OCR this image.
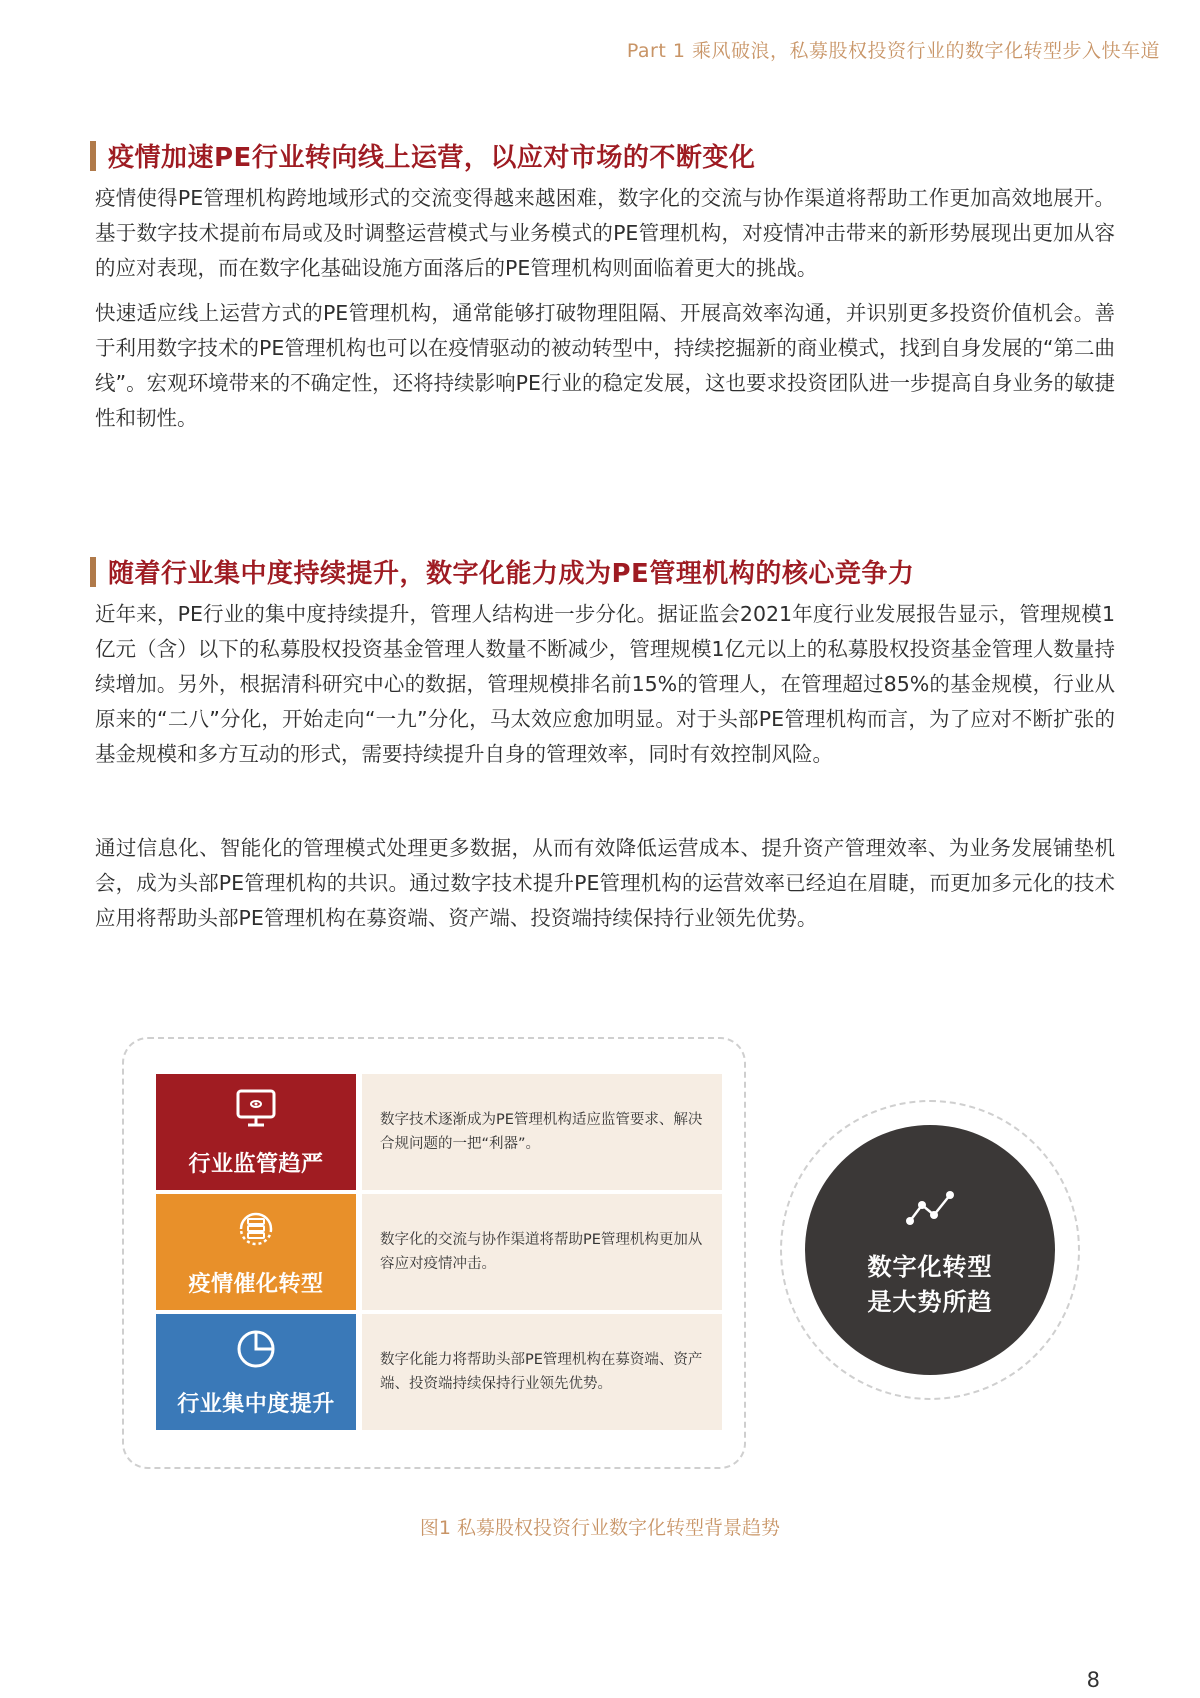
Part 1 乘风破浪，私募股权投资行业的数字化转型步入快车道
疫情加速PE行业转向线上运营，以应对市场的不断变化

疫情使得PE管理机构跨地域形式的交流变得越来越困难，数字化的交流与协作渠道将帮助工作更加高效地展开。基于数字技术提前布局或及时调整运营模式与业务模式的PE管理机构，对疫情冲击带来的新形势展现出更加从容的应对表现，而在数字化基础设施方面落后的PE管理机构则面临着更大的挑战。

快速适应线上运营方式的PE管理机构，通常能够打破物理阻隔、开展高效率沟通，并识别更多投资价值机会。善于利用数字技术的PE管理机构也可以在疫情驱动的被动转型中，持续挖掘新的商业模式，找到自身发展的“第二曲线”。宏观环境带来的不确定性，还将持续影响PE行业的稳定发展，这也要求投资团队进一步提高自身业务的敏捷性和韧性。

随着行业集中度持续提升，数字化能力成为PE管理机构的核心竞争力

近年来，PE行业的集中度持续提升，管理人结构进一步分化。据证监会2021年度行业发展报告显示，管理规模1亿元（含）以下的私募股权投资基金管理人数量不断减少，管理规模1亿元以上的私募股权投资基金管理人数量持续增加。另外，根据清科研究中心的数据，管理规模排名前15%的管理人，在管理超过85%的基金规模，行业从原来的“二八”分化，开始走向“一九”分化，马太效应愈加明显。对于头部PE管理机构而言，为了应对不断扩张的基金规模和多方互动的形式，需要持续提升自身的管理效率，同时有效控制风险。

通过信息化、智能化的管理模式处理更多数据，从而有效降低运营成本、提升资产管理效率、为业务发展铺垫机会，成为头部PE管理机构的共识。通过数字技术提升PE管理机构的运营效率已经迫在眉睫，而更加多元化的技术应用将帮助头部PE管理机构在募资端、资产端、投资端持续保持行业领先优势。

行业监管趋严
数字技术逐渐成为PE管理机构适应监管要求、解决合规问题的一把“利器”。
疫情催化转型
数字化的交流与协作渠道将帮助PE管理机构更加从容应对疫情冲击。
行业集中度提升
数字化能力将帮助头部PE管理机构在募资端、资产端、投资端持续保持行业领先优势。
数字化转型
是大势所趋
图1 私募股权投资行业数字化转型背景趋势
8
